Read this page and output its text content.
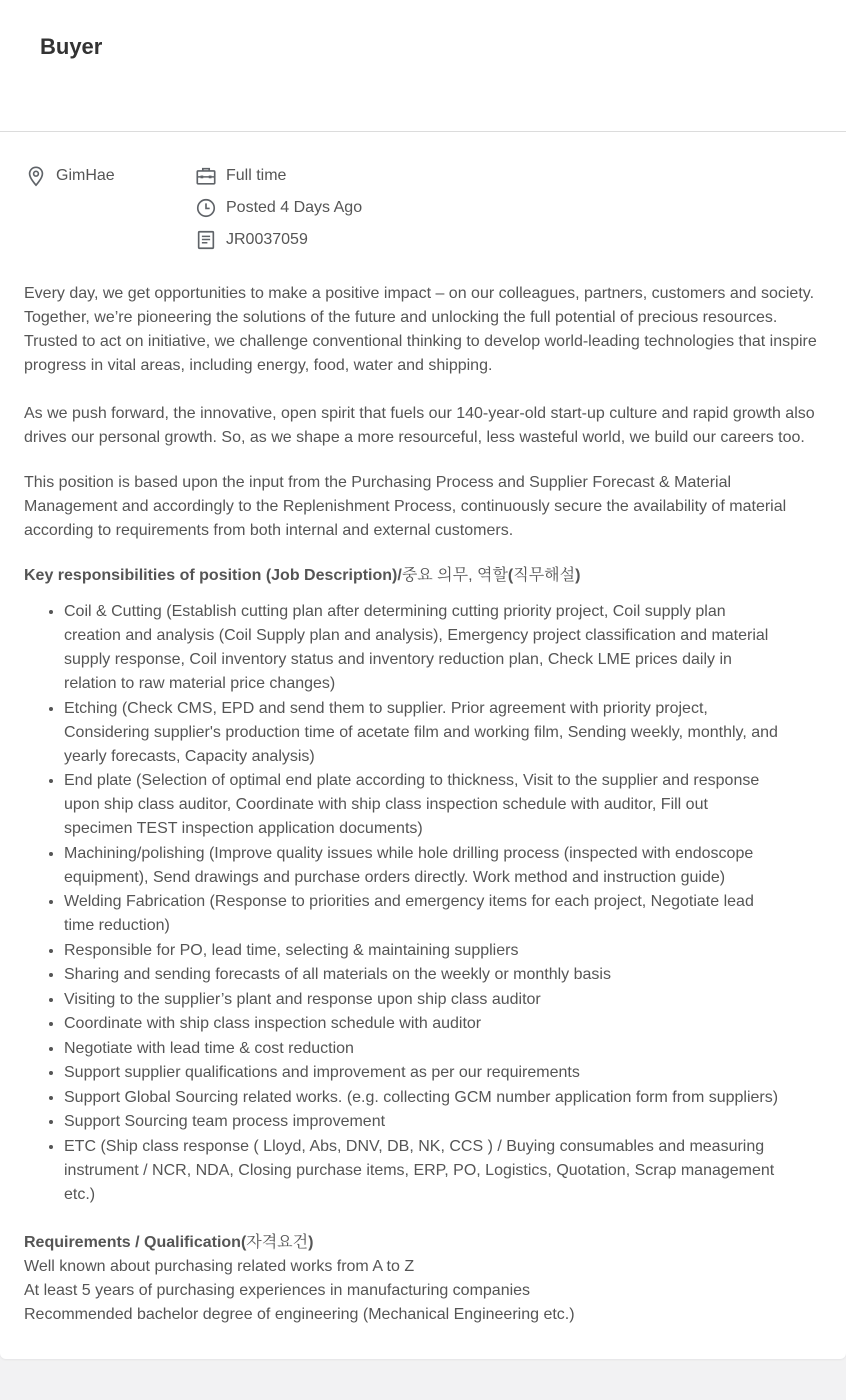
Buyer
GimHae	Full time
Posted 4 Days Ago
JR0037059

Every day, we get opportunities to make a positive impact – on our colleagues, partners, customers and society. Together, we’re pioneering the solutions of the future and unlocking the full potential of precious resources. Trusted to act on initiative, we challenge conventional thinking to develop world-leading technologies that inspire progress in vital areas, including energy, food, water and shipping.

As we push forward, the innovative, open spirit that fuels our 140-year-old start-up culture and rapid growth also drives our personal growth. So, as we shape a more resourceful, less wasteful world, we build our careers too.

This position is based upon the input from the Purchasing Process and Supplier Forecast & Material Management and accordingly to the Replenishment Process, continuously secure the availability of material according to requirements from both internal and external customers.

Key responsibilities of position (Job Description)/중요 의무, 역할(직무해설)

• Coil & Cutting (Establish cutting plan after determining cutting priority project, Coil supply plan creation and analysis (Coil Supply plan and analysis), Emergency project classification and material supply response, Coil inventory status and inventory reduction plan, Check LME prices daily in relation to raw material price changes)
• Etching (Check CMS, EPD and send them to supplier. Prior agreement with priority project, Considering supplier's production time of acetate film and working film, Sending weekly, monthly, and yearly forecasts, Capacity analysis)
• End plate (Selection of optimal end plate according to thickness, Visit to the supplier and response upon ship class auditor, Coordinate with ship class inspection schedule with auditor, Fill out specimen TEST inspection application documents)
• Machining/polishing (Improve quality issues while hole drilling process (inspected with endoscope equipment), Send drawings and purchase orders directly. Work method and instruction guide)
• Welding Fabrication (Response to priorities and emergency items for each project, Negotiate lead time reduction)
• Responsible for PO, lead time, selecting & maintaining suppliers
• Sharing and sending forecasts of all materials on the weekly or monthly basis
• Visiting to the supplier’s plant and response upon ship class auditor
• Coordinate with ship class inspection schedule with auditor
• Negotiate with lead time & cost reduction
• Support supplier qualifications and improvement as per our requirements
• Support Global Sourcing related works. (e.g. collecting GCM number application form from suppliers)
• Support Sourcing team process improvement
• ETC (Ship class response ( Lloyd, Abs, DNV, DB, NK, CCS ) / Buying consumables and measuring instrument / NCR, NDA, Closing purchase items, ERP, PO, Logistics, Quotation, Scrap management etc.)

Requirements / Qualification(자격요건)

Well known about purchasing related works from A to Z
At least 5 years of purchasing experiences in manufacturing companies
Recommended bachelor degree of engineering (Mechanical Engineering etc.)
